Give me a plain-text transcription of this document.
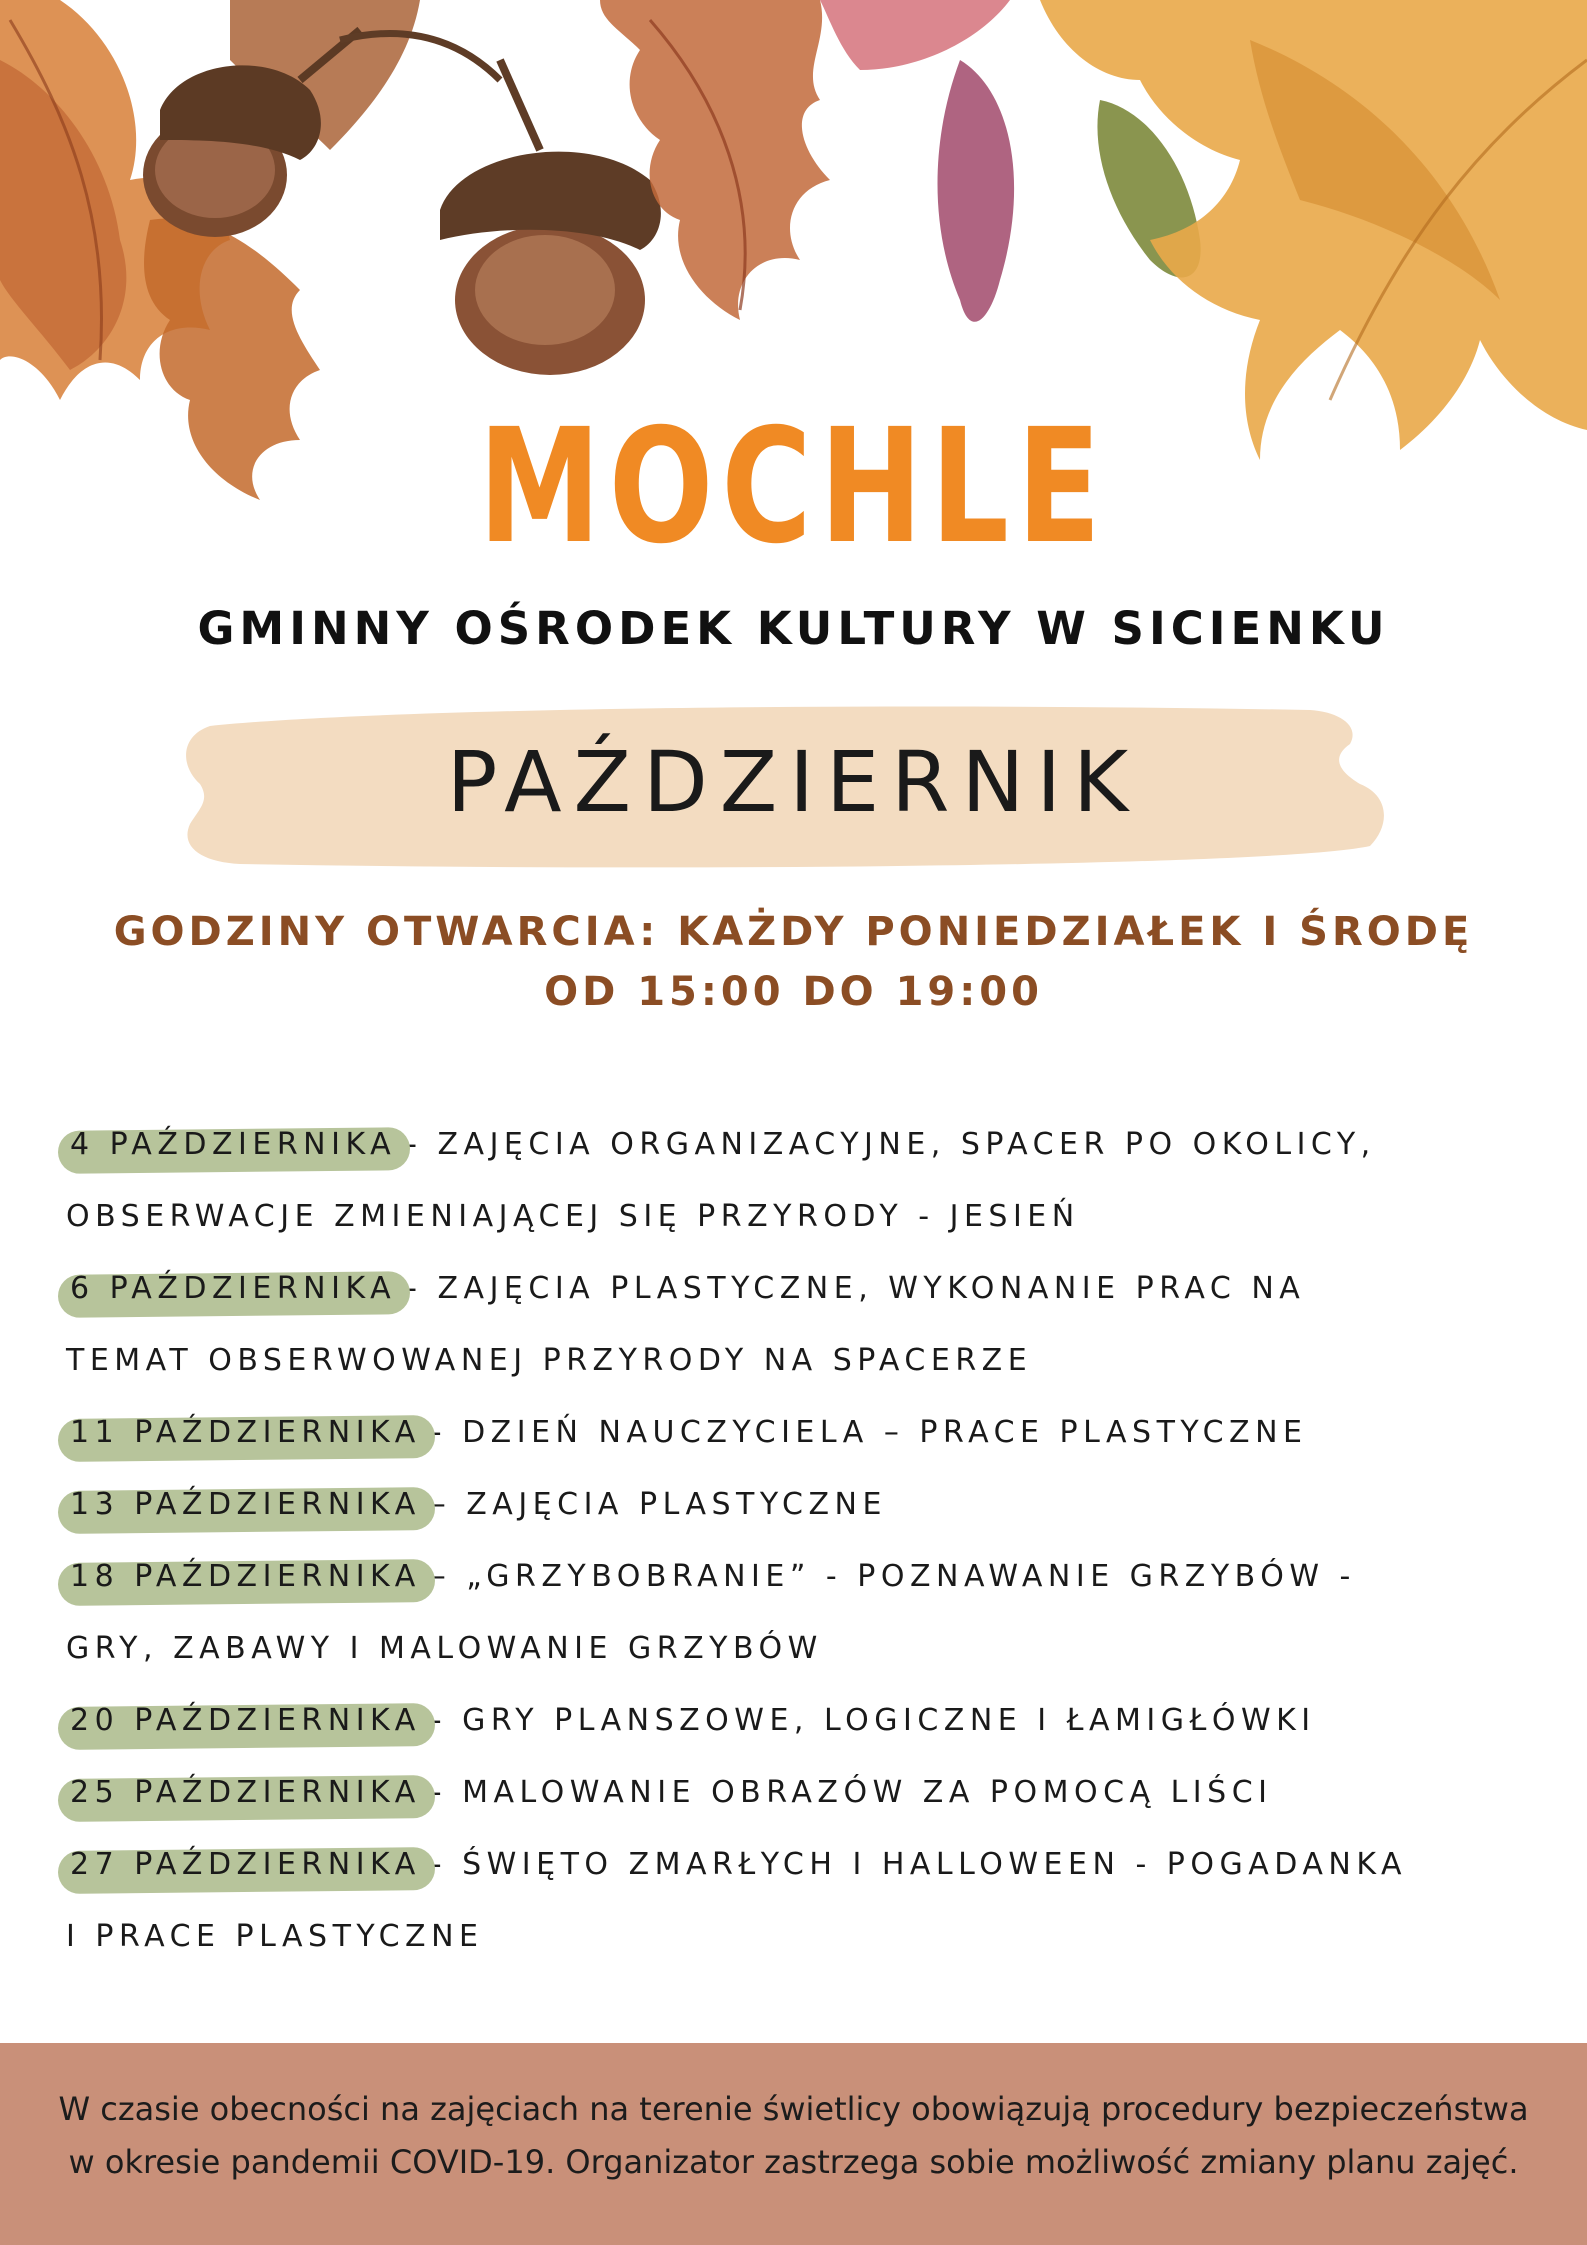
MOCHLE
GMINNY OŚRODEK KULTURY W SICIENKU
PAŹDZIERNIK
GODZINY OTWARCIA: KAŻDY PONIEDZIAŁEK I ŚRODĘ
OD 15:00 DO 19:00
4 PAŹDZIERNIKA - ZAJĘCIA ORGANIZACYJNE, SPACER PO OKOLICY,
OBSERWACJE ZMIENIAJĄCEJ SIĘ PRZYRODY - JESIEŃ
6 PAŹDZIERNIKA - ZAJĘCIA PLASTYCZNE, WYKONANIE PRAC NA
TEMAT OBSERWOWANEJ PRZYRODY NA SPACERZE
11 PAŹDZIERNIKA - DZIEŃ NAUCZYCIELA – PRACE PLASTYCZNE
13 PAŹDZIERNIKA – ZAJĘCIA PLASTYCZNE
18 PAŹDZIERNIKA – „GRZYBOBRANIE” - POZNAWANIE GRZYBÓW -
GRY, ZABAWY I MALOWANIE GRZYBÓW
20 PAŹDZIERNIKA - GRY PLANSZOWE, LOGICZNE I ŁAMIGŁÓWKI
25 PAŹDZIERNIKA - MALOWANIE OBRAZÓW ZA POMOCĄ LIŚCI
27 PAŹDZIERNIKA - ŚWIĘTO ZMARŁYCH I HALLOWEEN - POGADANKA
I PRACE PLASTYCZNE
W czasie obecności na zajęciach na terenie świetlicy obowiązują procedury bezpieczeństwa
w okresie pandemii COVID-19. Organizator zastrzega sobie możliwość zmiany planu zajęć.
